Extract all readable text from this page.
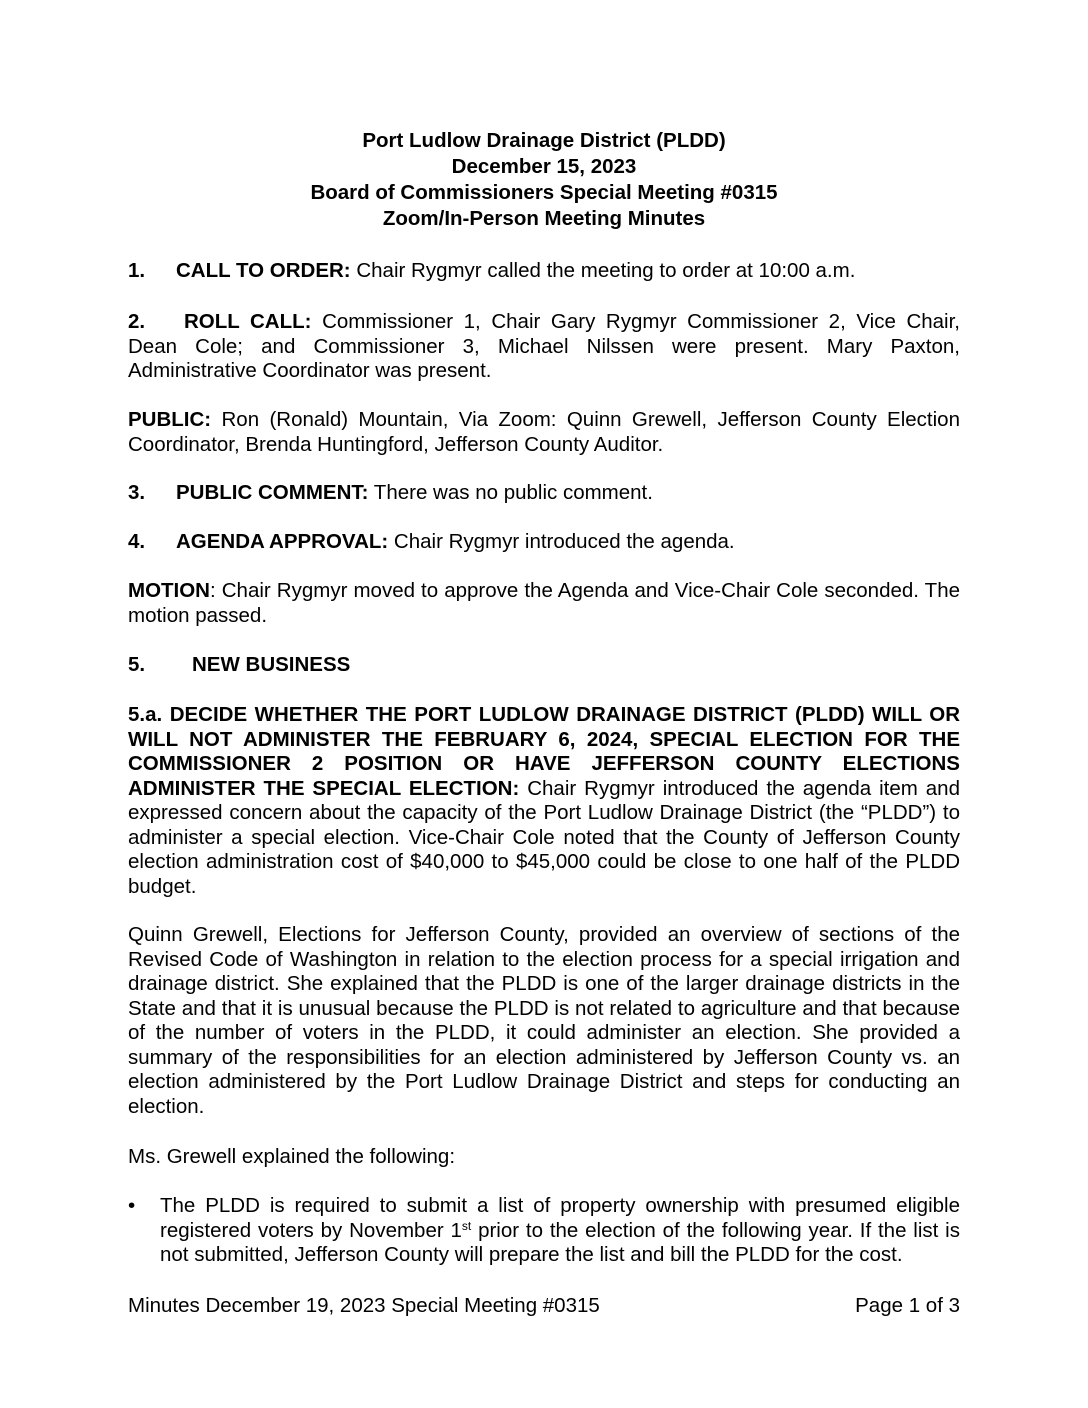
Port Ludlow Drainage District (PLDD)
December 15, 2023
Board of Commissioners Special Meeting #0315
Zoom/In-Person Meeting Minutes
1. CALL TO ORDER: Chair Rygmyr called the meeting to order at 10:00 a.m.
2. ROLL CALL: Commissioner 1, Chair Gary Rygmyr Commissioner 2, Vice Chair, Dean Cole; and Commissioner 3, Michael Nilssen were present. Mary Paxton, Administrative Coordinator was present.
PUBLIC: Ron (Ronald) Mountain, Via Zoom: Quinn Grewell, Jefferson County Election Coordinator, Brenda Huntingford, Jefferson County Auditor.
3. PUBLIC COMMENT: There was no public comment.
4. AGENDA APPROVAL: Chair Rygmyr introduced the agenda.
MOTION: Chair Rygmyr moved to approve the Agenda and Vice-Chair Cole seconded. The motion passed.
5. NEW BUSINESS
5.a. DECIDE WHETHER THE PORT LUDLOW DRAINAGE DISTRICT (PLDD) WILL OR WILL NOT ADMINISTER THE FEBRUARY 6, 2024, SPECIAL ELECTION FOR THE COMMISSIONER 2 POSITION OR HAVE JEFFERSON COUNTY ELECTIONS ADMINISTER THE SPECIAL ELECTION: Chair Rygmyr introduced the agenda item and expressed concern about the capacity of the Port Ludlow Drainage District (the “PLDD”) to administer a special election. Vice-Chair Cole noted that the County of Jefferson County election administration cost of $40,000 to $45,000 could be close to one half of the PLDD budget.
Quinn Grewell, Elections for Jefferson County, provided an overview of sections of the Revised Code of Washington in relation to the election process for a special irrigation and drainage district. She explained that the PLDD is one of the larger drainage districts in the State and that it is unusual because the PLDD is not related to agriculture and that because of the number of voters in the PLDD, it could administer an election. She provided a summary of the responsibilities for an election administered by Jefferson County vs. an election administered by the Port Ludlow Drainage District and steps for conducting an election.
Ms. Grewell explained the following:
•	The PLDD is required to submit a list of property ownership with presumed eligible registered voters by November 1st prior to the election of the following year. If the list is not submitted, Jefferson County will prepare the list and bill the PLDD for the cost.
Minutes December 19, 2023 Special Meeting #0315	Page 1 of 3
